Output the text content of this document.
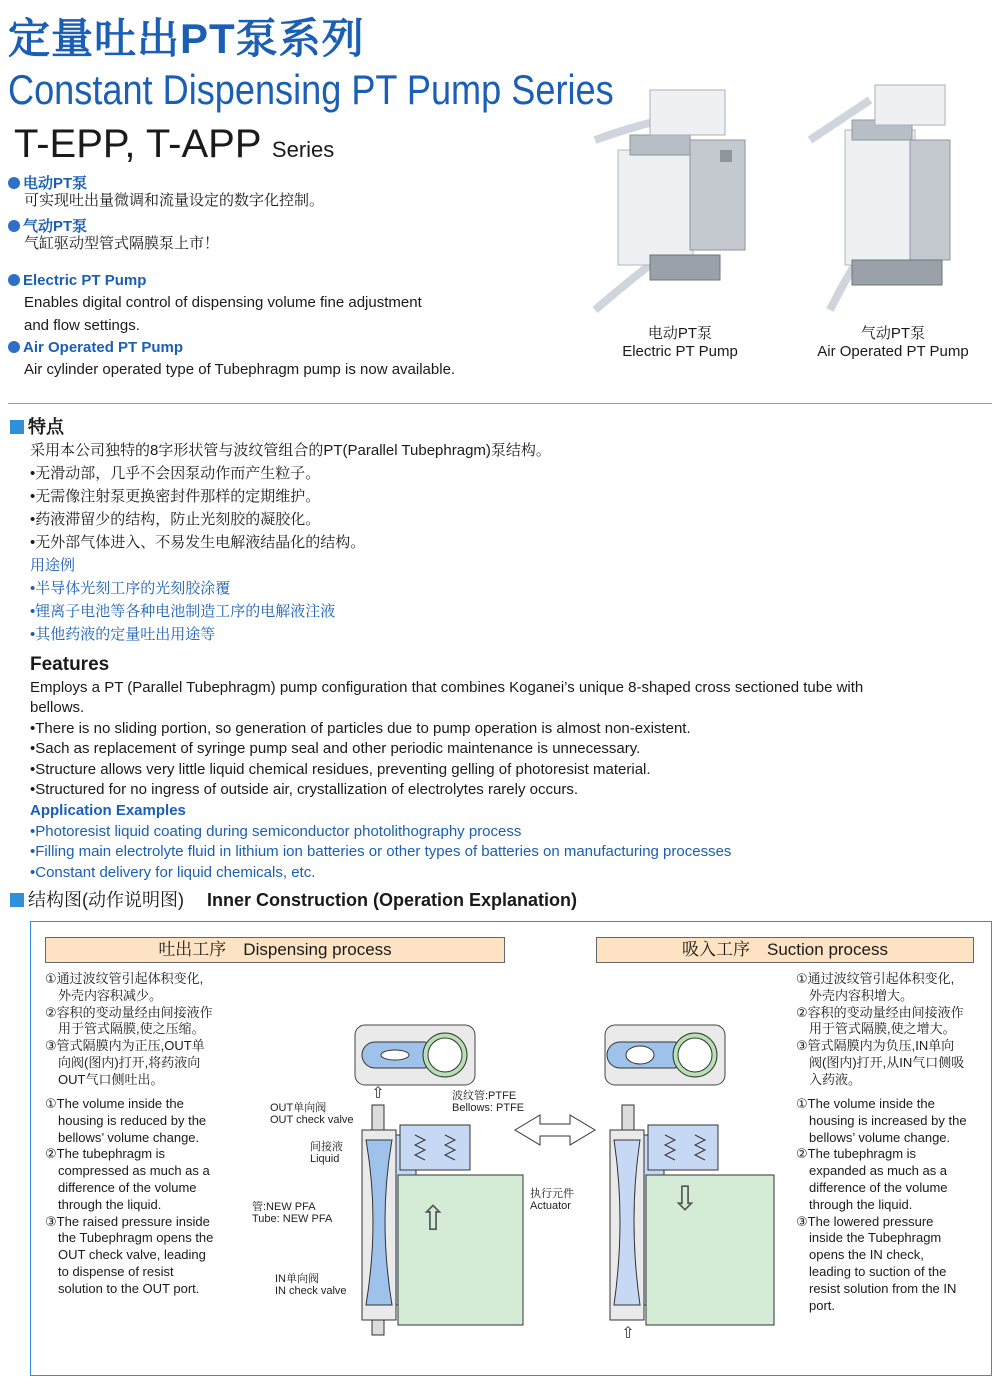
定量吐出PT泵系列
Constant Dispensing PT Pump Series
T-EPP, T-APP Series
电动PT泵
可实现吐出量微调和流量设定的数字化控制。
气动PT泵
气缸驱动型管式隔膜泵上市！
Electric PT Pump
Enables digital control of dispensing volume fine adjustment
and flow settings.
Air Operated PT Pump
Air cylinder operated type of Tubephragm pump is now available.
电动PT泵
Electric PT Pump
气动PT泵
Air Operated PT Pump
特点
采用本公司独特的8字形状管与波纹管组合的PT(Parallel Tubephragm)泵结构。
•无滑动部，几乎不会因泵动作而产生粒子。
•无需像注射泵更换密封件那样的定期维护。
•药液滞留少的结构，防止光刻胶的凝胶化。
•无外部气体进入、不易发生电解液结晶化的结构。
用途例
•半导体光刻工序的光刻胶涂覆
•锂离子电池等各种电池制造工序的电解液注液
•其他药液的定量吐出用途等
Features
Employs a PT (Parallel Tubephragm) pump configuration that combines Koganei’s unique 8-shaped cross sectioned tube with
bellows.
•There is no sliding portion, so generation of particles due to pump operation is almost non-existent.
•Sach as replacement of syringe pump seal and other periodic maintenance is unnecessary.
•Structure allows very little liquid chemical residues, preventing gelling of photoresist material.
•Structured for no ingress of outside air, crystallization of electrolytes rarely occurs.
Application Examples
•Photoresist liquid coating during semiconductor photolithography process
•Filling main electrolyte fluid in lithium ion batteries or other types of batteries on manufacturing processes
•Constant delivery for liquid chemicals, etc.
结构图(动作说明图) Inner Construction (Operation Explanation)
吐出工序　Dispensing process	吸入工序　Suction process
①通过波纹管引起体积变化,
　外壳内容积减少。
②容积的变动量经由间接液作
　用于管式隔膜,使之压缩。
③管式隔膜内为正压,OUT单
　向阀(图内)打开,将药液向
　OUT气口侧吐出。
①The volume inside the
　housing is reduced by the
　bellows’ volume change.
②The tubephragm is
　compressed as much as a
　difference of the volume
　through the liquid.
③The raised pressure inside
　the Tubephragm opens the
　OUT check valve, leading
　to dispense of resist
　solution to the OUT port.
①通过波纹管引起体积变化,
　外壳内容积增大。
②容积的变动量经由间接液作
　用于管式隔膜,使之增大。
③管式隔膜内为负压,IN单向
　阀(图内)打开,从IN气口侧吸
　入药液。
①The volume inside the
　housing is increased by the
　bellows’ volume change.
②The tubephragm is
　expanded as much as a
　difference of the volume
　through the liquid.
③The lowered pressure
　inside the Tubephragm
　opens the IN check,
　leading to suction of the
　resist solution from the IN
　port.
⇧
⇧	⇩
⇧
OUT单向阀
OUT check valve
间接液
Liquid
管:NEW PFA
Tube: NEW PFA
IN单向阀
IN check valve
波纹管:PTFE
Bellows: PTFE
执行元件
Actuator
